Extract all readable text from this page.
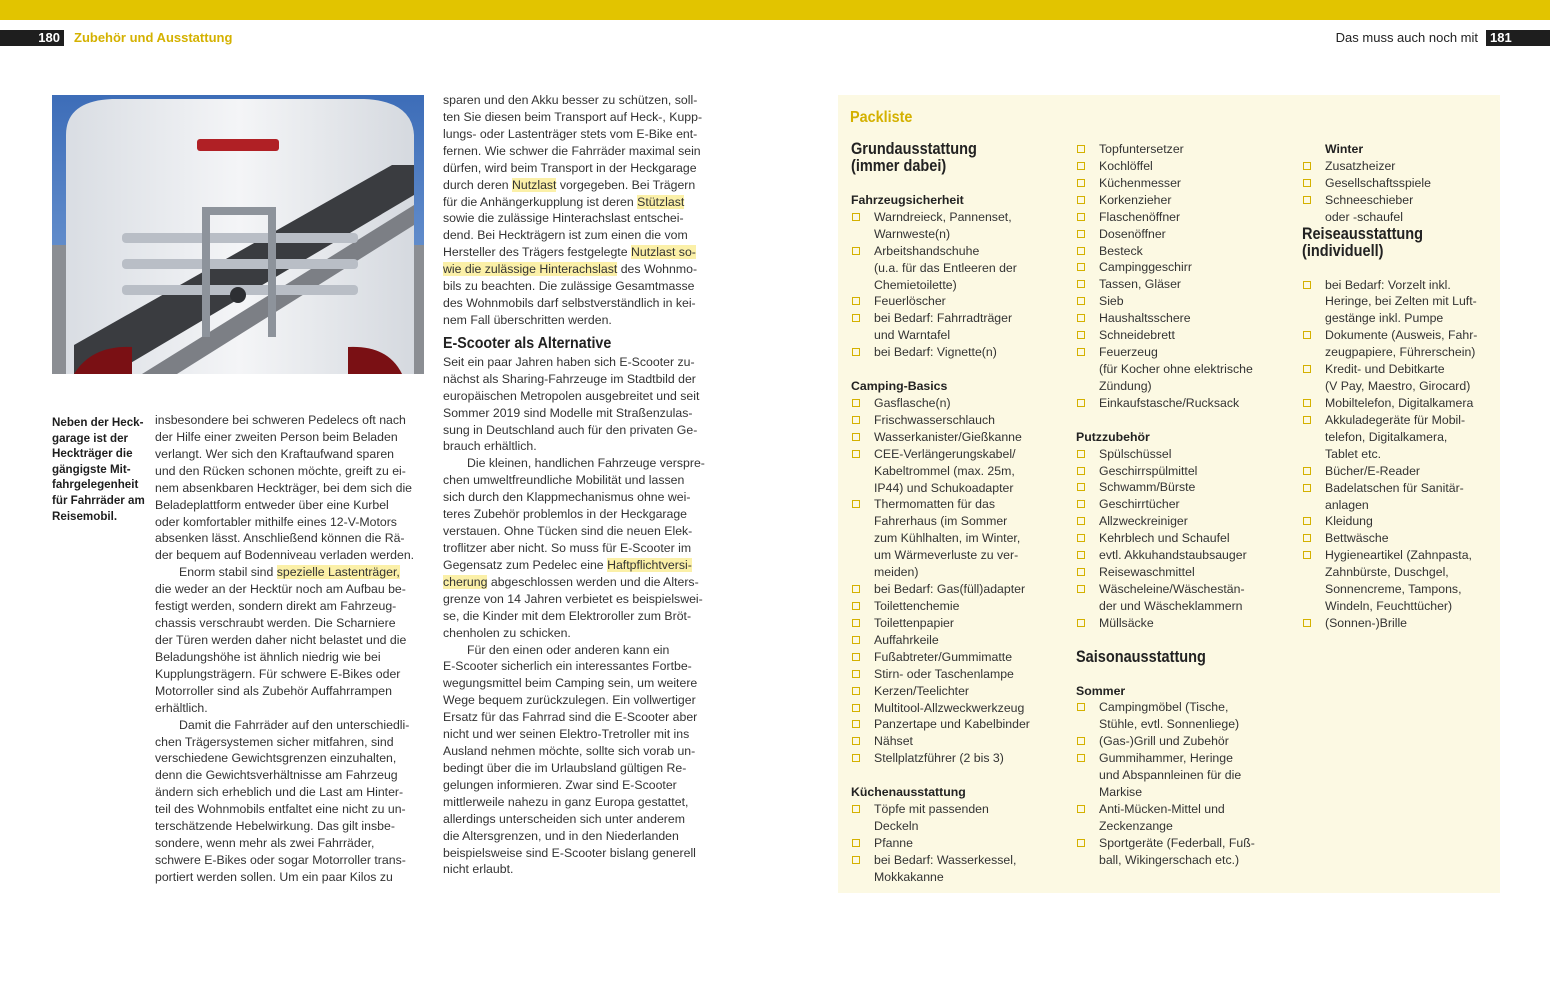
180	Zubehör und Ausstattung	Das muss auch noch mit 181
Neben der Heck-
garage ist der
Heckträger die
gängigste Mit-
fahrgelegenheit
für Fahrräder am
Reisemobil.
insbesondere bei schweren Pedelecs oft nach
der Hilfe einer zweiten Person beim Beladen
verlangt. Wer sich den Kraftaufwand sparen
und den Rücken schonen möchte, greift zu ei-
nem absenkbaren Heckträger, bei dem sich die
Beladeplattform entweder über eine Kurbel
oder komfortabler mithilfe eines 12-V-Motors
absenken lässt. Anschließend können die Rä-
der bequem auf Bodenniveau verladen werden.
Enorm stabil sind spezielle Lastenträger,
die weder an der Hecktür noch am Aufbau be-
festigt werden, sondern direkt am Fahrzeug-
chassis verschraubt werden. Die Scharniere
der Türen werden daher nicht belastet und die
Beladungshöhe ist ähnlich niedrig wie bei
Kupplungsträgern. Für schwere E-Bikes oder
Motorroller sind als Zubehör Auffahrrampen
erhältlich.
Damit die Fahrräder auf den unterschiedli-
chen Trägersystemen sicher mitfahren, sind
verschiedene Gewichtsgrenzen einzuhalten,
denn die Gewichtsverhältnisse am Fahrzeug
ändern sich erheblich und die Last am Hinter-
teil des Wohnmobils entfaltet eine nicht zu un-
terschätzende Hebelwirkung. Das gilt insbe-
sondere, wenn mehr als zwei Fahrräder,
schwere E-Bikes oder sogar Motorroller trans-
portiert werden sollen. Um ein paar Kilos zu
sparen und den Akku besser zu schützen, soll-
ten Sie diesen beim Transport auf Heck-, Kupp-
lungs- oder Lastenträger stets vom E-Bike ent-
fernen. Wie schwer die Fahrräder maximal sein
dürfen, wird beim Transport in der Heckgarage
durch deren Nutzlast vorgegeben. Bei Trägern
für die Anhängerkupplung ist deren Stützlast
sowie die zulässige Hinterachslast entschei-
dend. Bei Heckträgern ist zum einen die vom
Hersteller des Trägers festgelegte Nutzlast so-
wie die zulässige Hinterachslast des Wohnmo-
bils zu beachten. Die zulässige Gesamtmasse
des Wohnmobils darf selbstverständlich in kei-
nem Fall überschritten werden.
E-Scooter als Alternative
Seit ein paar Jahren haben sich E-Scooter zu-
nächst als Sharing-Fahrzeuge im Stadtbild der
europäischen Metropolen ausgebreitet und seit
Sommer 2019 sind Modelle mit Straßenzulas-
sung in Deutschland auch für den privaten Ge-
brauch erhältlich.
Die kleinen, handlichen Fahrzeuge verspre-
chen umweltfreundliche Mobilität und lassen
sich durch den Klappmechanismus ohne wei-
teres Zubehör problemlos in der Heckgarage
verstauen. Ohne Tücken sind die neuen Elek-
troflitzer aber nicht. So muss für E-Scooter im
Gegensatz zum Pedelec eine Haftpflichtversi-
cherung abgeschlossen werden und die Alters-
grenze von 14 Jahren verbietet es beispielswei-
se, die Kinder mit dem Elektroroller zum Bröt-
chenholen zu schicken.
Für den einen oder anderen kann ein
E-Scooter sicherlich ein interessantes Fortbe-
wegungsmittel beim Camping sein, um weitere
Wege bequem zurückzulegen. Ein vollwertiger
Ersatz für das Fahrrad sind die E-Scooter aber
nicht und wer seinen Elektro-Tretroller mit ins
Ausland nehmen möchte, sollte sich vorab un-
bedingt über die im Urlaubsland gültigen Re-
gelungen informieren. Zwar sind E-Scooter
mittlerweile nahezu in ganz Europa gestattet,
allerdings unterscheiden sich unter anderem
die Altersgrenzen, und in den Niederlanden
beispielsweise sind E-Scooter bislang generell
nicht erlaubt.
Packliste
Grundausstattung
(immer dabei)
Fahrzeugsicherheit
Warndreieck, Pannenset,
Warnweste(n)
Arbeitshandschuhe
(u.a. für das Entleeren der
Chemietoilette)
Feuerlöscher
bei Bedarf: Fahrradträger
und Warntafel
bei Bedarf: Vignette(n)
Camping-Basics
Gasflasche(n)
Frischwasserschlauch
Wasserkanister/Gießkanne
CEE-Verlängerungskabel/
Kabeltrommel (max. 25m,
IP44) und Schukoadapter
Thermomatten für das
Fahrerhaus (im Sommer
zum Kühlhalten, im Winter,
um Wärmeverluste zu ver-
meiden)
bei Bedarf: Gas(füll)adapter
Toilettenchemie
Toilettenpapier
Auffahrkeile
Fußabtreter/Gummimatte
Stirn- oder Taschenlampe
Kerzen/Teelichter
Multitool-Allzweckwerkzeug
Panzertape und Kabelbinder
Nähset
Stellplatzführer (2 bis 3)
Küchenausstattung
Töpfe mit passenden
Deckeln
Pfanne
bei Bedarf: Wasserkessel,
Mokkakanne
Topfuntersetzer
Kochlöffel
Küchenmesser
Korkenzieher
Flaschenöffner
Dosenöffner
Besteck
Campinggeschirr
Tassen, Gläser
Sieb
Haushaltsschere
Schneidebrett
Feuerzeug
(für Kocher ohne elektrische
Zündung)
Einkaufstasche/Rucksack
Putzzubehör
Spülschüssel
Geschirrspülmittel
Schwamm/Bürste
Geschirrtücher
Allzweckreiniger
Kehrblech und Schaufel
evtl. Akkuhandstaubsauger
Reisewaschmittel
Wäscheleine/Wäschestän-
der und Wäscheklammern
Müllsäcke
Saisonausstattung
Sommer
Campingmöbel (Tische,
Stühle, evtl. Sonnenliege)
(Gas-)Grill und Zubehör
Gummihammer, Heringe
und Abspannleinen für die
Markise
Anti-Mücken-Mittel und
Zeckenzange
Sportgeräte (Federball, Fuß-
ball, Wikingerschach etc.)
Winter
Zusatzheizer
Gesellschaftsspiele
Schneeschieber
oder -schaufel
Reiseausstattung
(individuell)
bei Bedarf: Vorzelt inkl.
Heringe, bei Zelten mit Luft-
gestänge inkl. Pumpe
Dokumente (Ausweis, Fahr-
zeugpapiere, Führerschein)
Kredit- und Debitkarte
(V Pay, Maestro, Girocard)
Mobiltelefon, Digitalkamera
Akkuladegeräte für Mobil-
telefon, Digitalkamera,
Tablet etc.
Bücher/E-Reader
Badelatschen für Sanitär-
anlagen
Kleidung
Bettwäsche
Hygieneartikel (Zahnpasta,
Zahnbürste, Duschgel,
Sonnencreme, Tampons,
Windeln, Feuchttücher)
(Sonnen-)Brille
